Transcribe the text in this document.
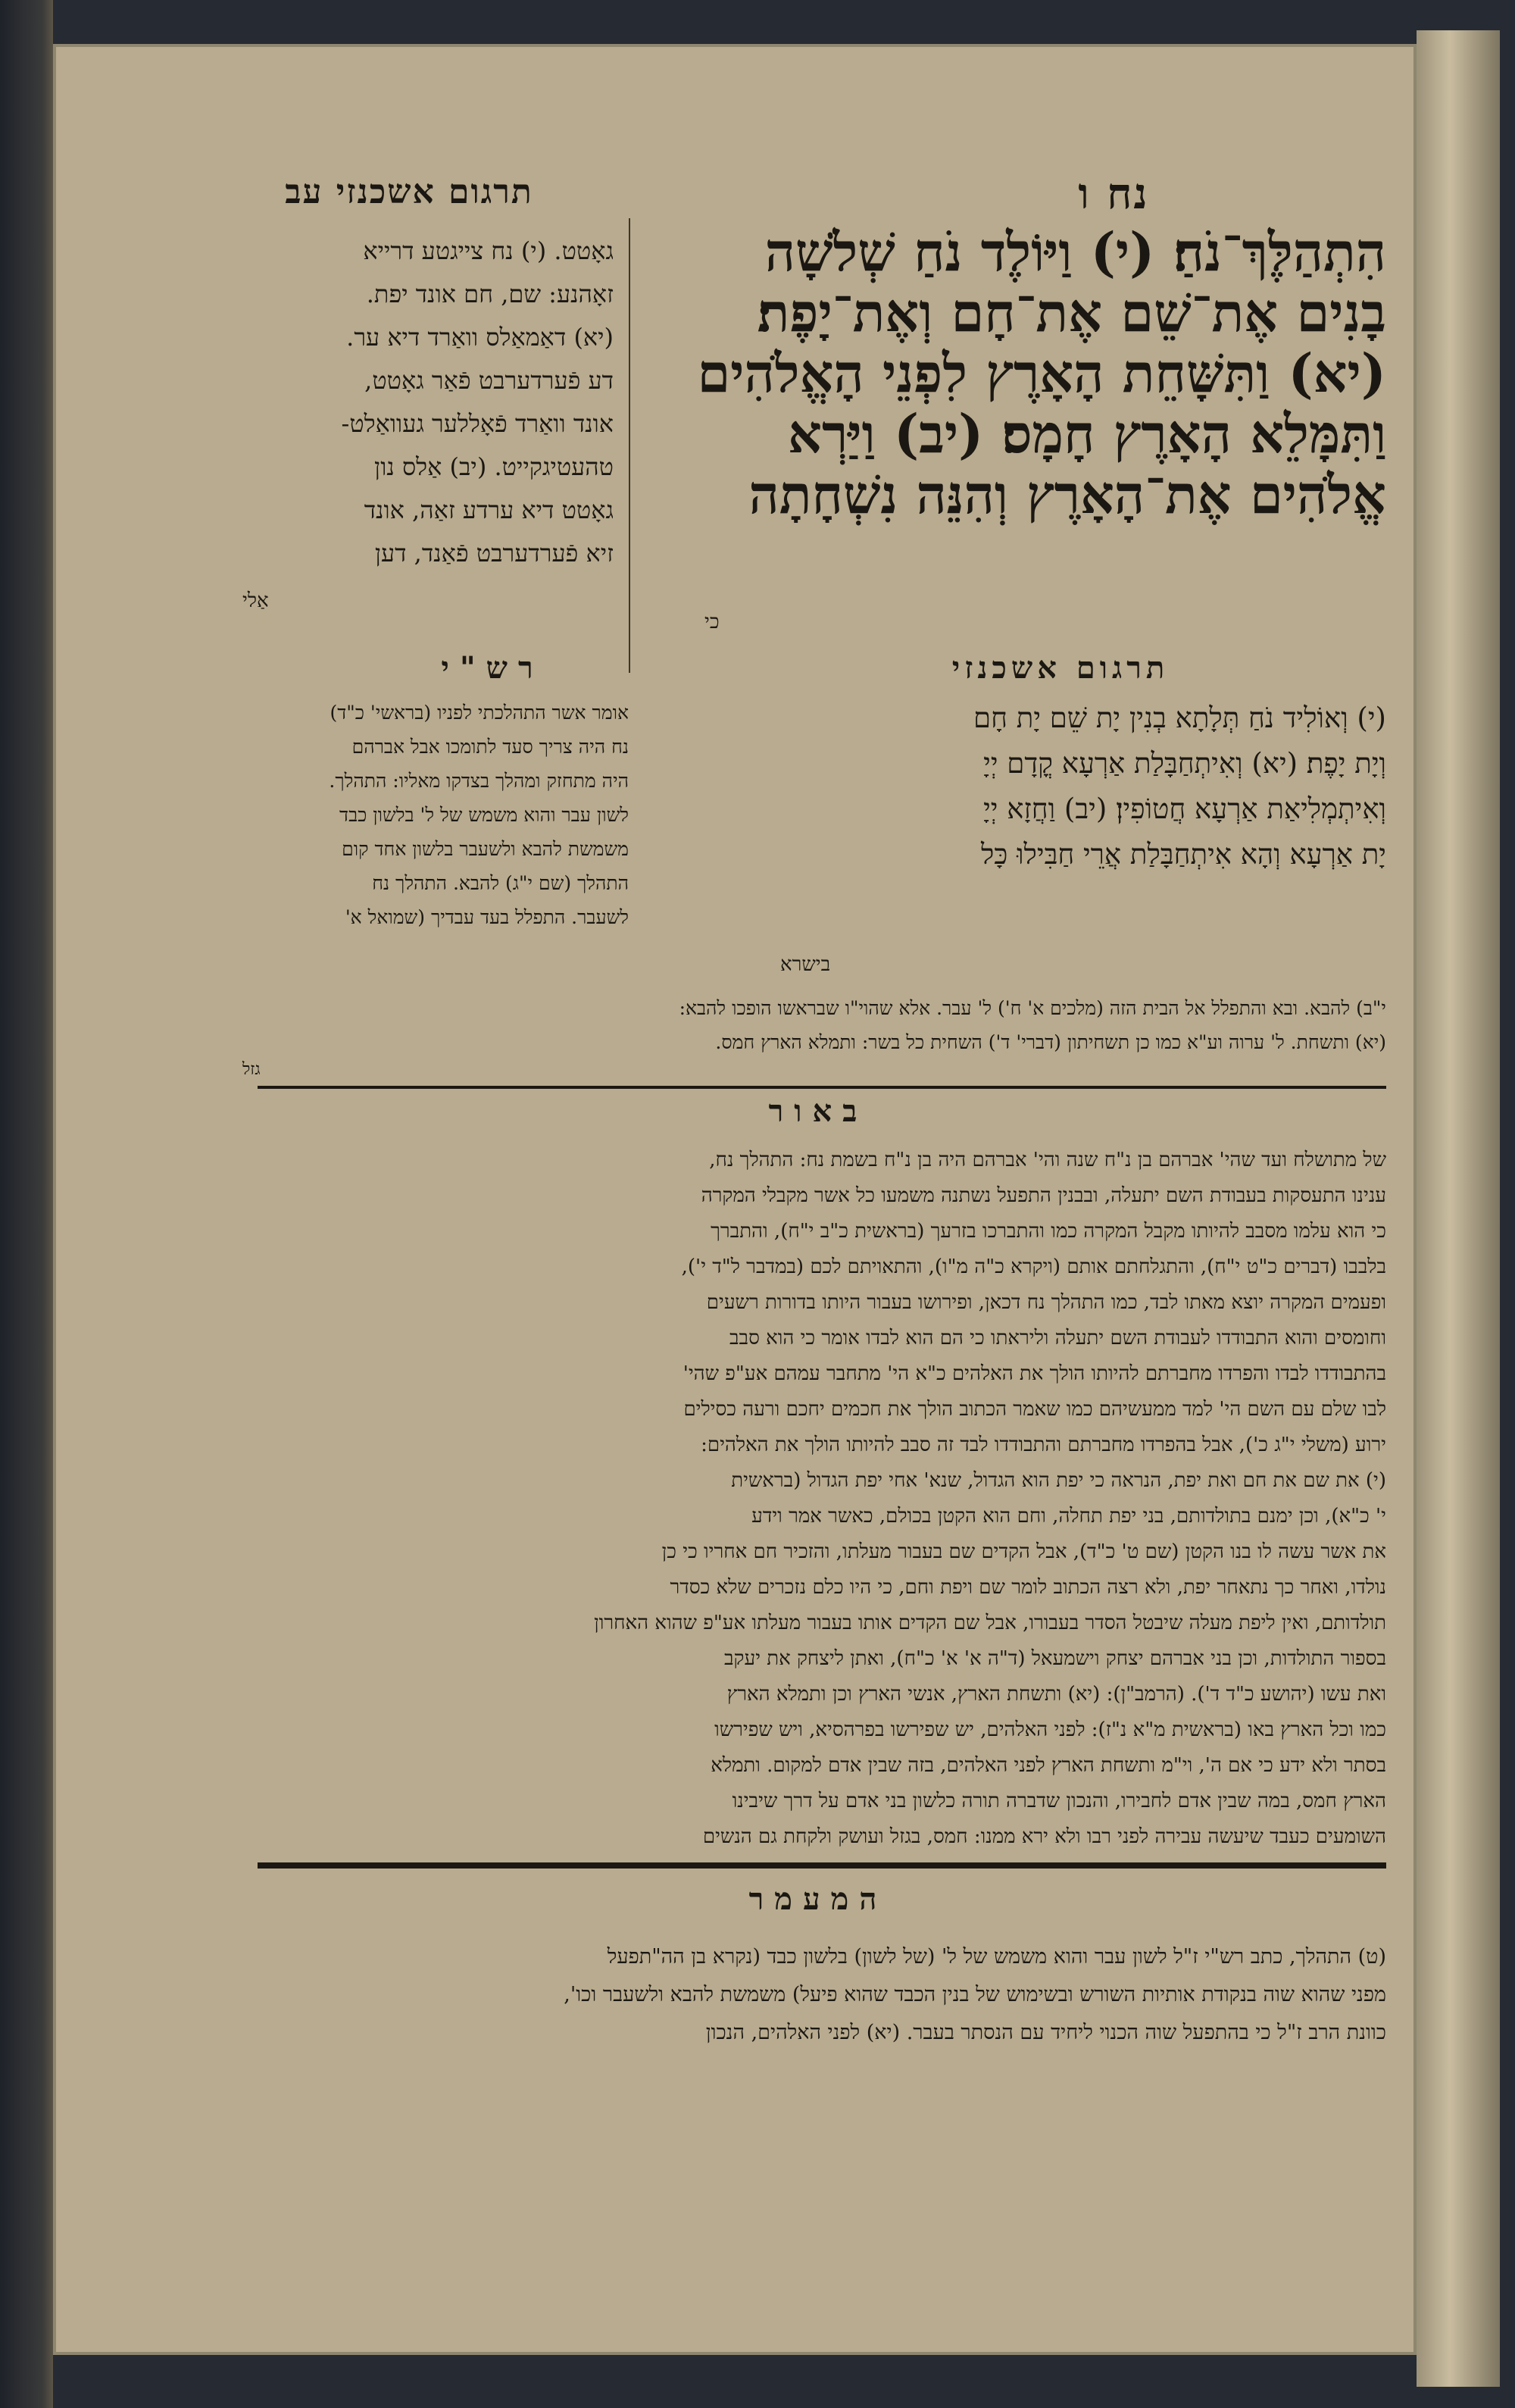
תרגום אשכנזי עב	נח ו
הִתְהַלֶּךְ־נֹחַ׃ (י) וַיּוֹלֶד נֹחַ שְׁלֹשָׁה
בָנִים אֶת־שֵׁם אֶת־חָם וְאֶת־יָפֶת׃
(יא) וַתִּשָּׁחֵת הָאָרֶץ לִפְנֵי הָאֱלֹהִים
וַתִּמָּלֵא הָאָרֶץ חָמָס׃ (יב) וַיַּרְא
אֱלֹהִים אֶת־הָאָרֶץ וְהִנֵּה נִשְׁחָתָה
כי
גאָטט. (י) נח צייגטע דרייא
זאָהנע: שם, חם אונד יפת.
(יא) דאַמאַלס וואַרד דיא ער.
דע פֿערדערבט פֿאַר גאָטט,
אונד וואַרד פֿאָללער געוואַלט-
טהעטיגקייט. (יב) אַלס נון
גאָטט דיא ערדע זאַה, אונד
זיא פֿערדערבט פֿאַנד, דען
אַלי
תרגום אשכנזי
(י) וְאוֹלִיד נֹחַ תְּלָתָא בְנִין יָת שֵׁם יָת חָם
וְיָת יָפֶת׃ (יא) וְאִיתְחַבָּלַת אַרְעָא קֳדָם יְיָ
וְאִיתְמְלִיאַת אַרְעָא חֲטוֹפִין׃ (יב) וַחֲזָא יְיָ
יָת אַרְעָא וְהָא אִיתְחַבָּלַת אֲרֵי חַבִּילוּ כָּל
בישרא
רש"י
אומר אשר התהלכתי לפניו (בראשי' כ"ד)
נח היה צריך סעד לתומכו אבל אברהם
היה מתחזק ומהלך בצדקו מאליו: התהלך.
לשון עבר והוא משמש של ל' בלשון כבד
משמשת להבא ולשעבר בלשון אחד קום
התהלך (שם י"ג) להבא. התהלך נח
לשעבר. התפלל בעד עבדיך (שמואל א'
י"ב) להבא. ובא והתפלל אל הבית הזה (מלכים א' ח') ל' עבר. אלא שהוי"ו שבראשו הופכו להבא:
(יא) ותשחת. ל' ערוה וע"א כמו כן תשחיתון (דברי' ד') השחית כל בשר: ותמלא הארץ חמס.
גזל
באור
של מתושלח ועד שהי' אברהם בן נ"ח שנה והי' אברהם היה בן נ"ח בשמת נח: התהלך נח,
ענינו התעסקות בעבודת השם יתעלה, ובבנין התפעל נשתנה משמעו כל אשר מקבלי המקרה
כי הוא עלמו מסבב להיותו מקבל המקרה כמו והתברכו בזרעך (בראשית כ"ב י"ח), והתברך
בלבבו (דברים כ"ט י"ח), והתגלחתם אותם (ויקרא כ"ה מ"ו), והתאויתם לכם (במדבר ל"ד י'),
ופעמים המקרה יוצא מאתו לבד, כמו התהלך נח דכאן, ופירושו בעבור היותו בדורות רשעים
וחומסים והוא התבודדו לעבודת השם יתעלה וליראתו כי הם הוא לבדו אומר כי הוא סבב
בהתבודדו לבדו והפרדו מחברתם להיותו הולך את האלהים כ"א הי' מתחבר עמהם אע"פ שהי'
לבו שלם עם השם הי' למד ממעשיהם כמו שאמר הכתוב הולך את חכמים יחכם ורעה כסילים
ירוע (משלי י"ג כ'), אבל בהפרדו מחברתם והתבודדו לבד זה סבב להיותו הולך את האלהים:
(י) את שם את חם ואת יפת, הנראה כי יפת הוא הגדול, שנא' אחי יפת הגדול (בראשית
י' כ"א), וכן ימנם בתולדותם, בני יפת תחלה, וחם הוא הקטן בכולם, כאשר אמר וידע
את אשר עשה לו בנו הקטן (שם ט' כ"ד), אבל הקדים שם בעבור מעלתו, והזכיר חם אחריו כי כן
נולדו, ואחר כך נתאחר יפת, ולא רצה הכתוב לומר שם ויפת וחם, כי היו כלם נזכרים שלא כסדר
תולדותם, ואין ליפת מעלה שיבטל הסדר בעבורו, אבל שם הקדים אותו בעבור מעלתו אע"פ שהוא האחרון
בספור התולדות, וכן בני אברהם יצחק וישמעאל (ד"ה א' א' כ"ח), ואתן ליצחק את יעקב
ואת עשו (יהושע כ"ד ד'). (הרמב"ן): (יא) ותשחת הארץ, אנשי הארץ וכן ותמלא הארץ
כמו וכל הארץ באו (בראשית מ"א נ"ז): לפני האלהים, יש שפירשו בפרהסיא, ויש שפירשו
בסתר ולא ידע כי אם ה', וי"מ ותשחת הארץ לפני האלהים, בזה שבין אדם למקום. ותמלא
הארץ חמס, במה שבין אדם לחבירו, והנכון שדברה תורה כלשון בני אדם על דרך שיבינו
השומעים כעבד שיעשה עבירה לפני רבו ולא ירא ממנו: חמס, בגזל ועושק ולקחת גם הנשים
המעמר
(ט) התהלך, כתב רש"י ז"ל לשון עבר והוא משמש של ל' (של לשון) בלשון כבד (נקרא בן הה"תפעל
מפני שהוא שוה בנקודת אותיות השורש ובשימוש של בנין הכבד שהוא פיעל) משמשת להבא ולשעבר וכו',
כוונת הרב ז"ל כי בהתפעל שוה הכנוי ליחיד עם הנסתר בעבר. (יא) לפני האלהים, הנכון
